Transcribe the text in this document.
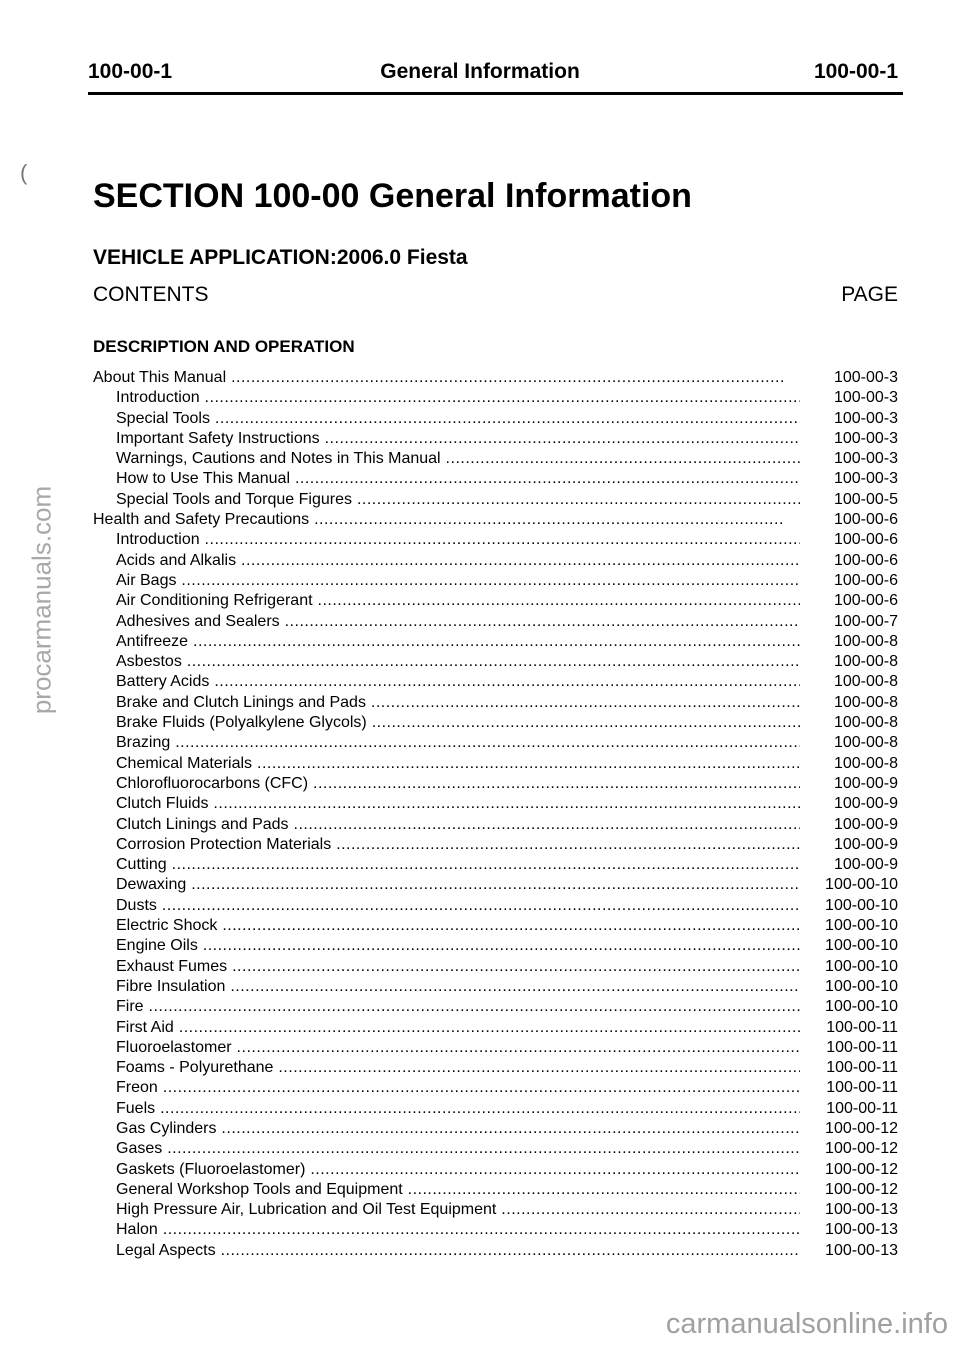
100-00-1	General Information	100-00-1
(
SECTION 100-00 General Information
VEHICLE APPLICATION:2006.0 Fiesta
CONTENTS	PAGE
DESCRIPTION AND OPERATION
About This Manual .....	100-00-3
Introduction .....	100-00-3
Special Tools .....	100-00-3
Important Safety Instructions .....	100-00-3
Warnings, Cautions and Notes in This Manual .....	100-00-3
How to Use This Manual .....	100-00-3
Special Tools and Torque Figures .....	100-00-5
Health and Safety Precautions .....	100-00-6
Introduction .....	100-00-6
Acids and Alkalis .....	100-00-6
Air Bags .....	100-00-6
Air Conditioning Refrigerant .....	100-00-6
Adhesives and Sealers .....	100-00-7
Antifreeze .....	100-00-8
Asbestos .....	100-00-8
Battery Acids .....	100-00-8
Brake and Clutch Linings and Pads .....	100-00-8
Brake Fluids (Polyalkylene Glycols) .....	100-00-8
Brazing .....	100-00-8
Chemical Materials .....	100-00-8
Chlorofluorocarbons (CFC) .....	100-00-9
Clutch Fluids .....	100-00-9
Clutch Linings and Pads .....	100-00-9
Corrosion Protection Materials .....	100-00-9
Cutting .....	100-00-9
Dewaxing .....	100-00-10
Dusts .....	100-00-10
Electric Shock .....	100-00-10
Engine Oils .....	100-00-10
Exhaust Fumes .....	100-00-10
Fibre Insulation .....	100-00-10
Fire .....	100-00-10
First Aid .....	100-00-11
Fluoroelastomer .....	100-00-11
Foams - Polyurethane .....	100-00-11
Freon .....	100-00-11
Fuels .....	100-00-11
Gas Cylinders .....	100-00-12
Gases .....	100-00-12
Gaskets (Fluoroelastomer) .....	100-00-12
General Workshop Tools and Equipment .....	100-00-12
High Pressure Air, Lubrication and Oil Test Equipment .....	100-00-13
Halon .....	100-00-13
Legal Aspects .....	100-00-13
procarmanuals.com
carmanualsonline.info
